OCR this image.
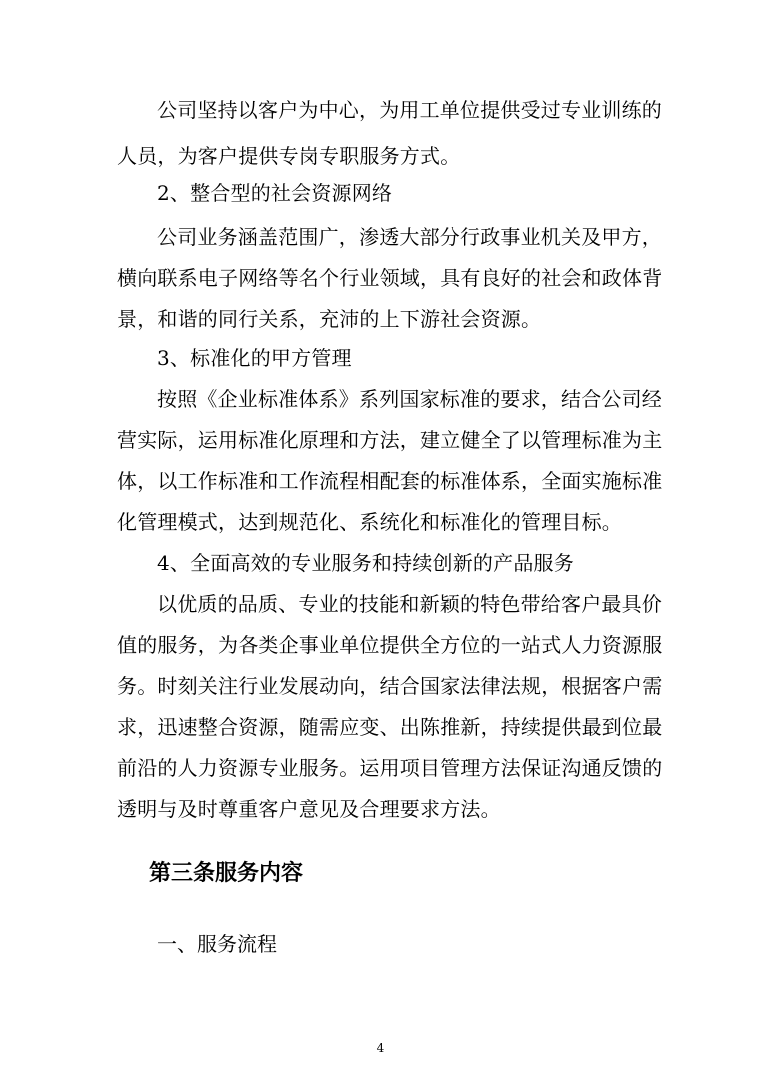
公司坚持以客户为中心，为用工单位提供受过专业训练的
人员，为客户提供专岗专职服务方式。
2、整合型的社会资源网络
公司业务涵盖范围广，渗透大部分行政事业机关及甲方，
横向联系电子网络等名个行业领域，具有良好的社会和政体背
景，和谐的同行关系，充沛的上下游社会资源。
3、标准化的甲方管理
按照《企业标准体系》系列国家标准的要求，结合公司经
营实际，运用标准化原理和方法，建立健全了以管理标准为主
体，以工作标准和工作流程相配套的标准体系，全面实施标准
化管理模式，达到规范化、系统化和标准化的管理目标。
4、全面高效的专业服务和持续创新的产品服务
以优质的品质、专业的技能和新颖的特色带给客户最具价
值的服务，为各类企事业单位提供全方位的一站式人力资源服
务。时刻关注行业发展动向，结合国家法律法规，根据客户需
求，迅速整合资源，随需应变、出陈推新，持续提供最到位最
前沿的人力资源专业服务。运用项目管理方法保证沟通反馈的
透明与及时尊重客户意见及合理要求方法。
第三条服务内容
一、服务流程
4
